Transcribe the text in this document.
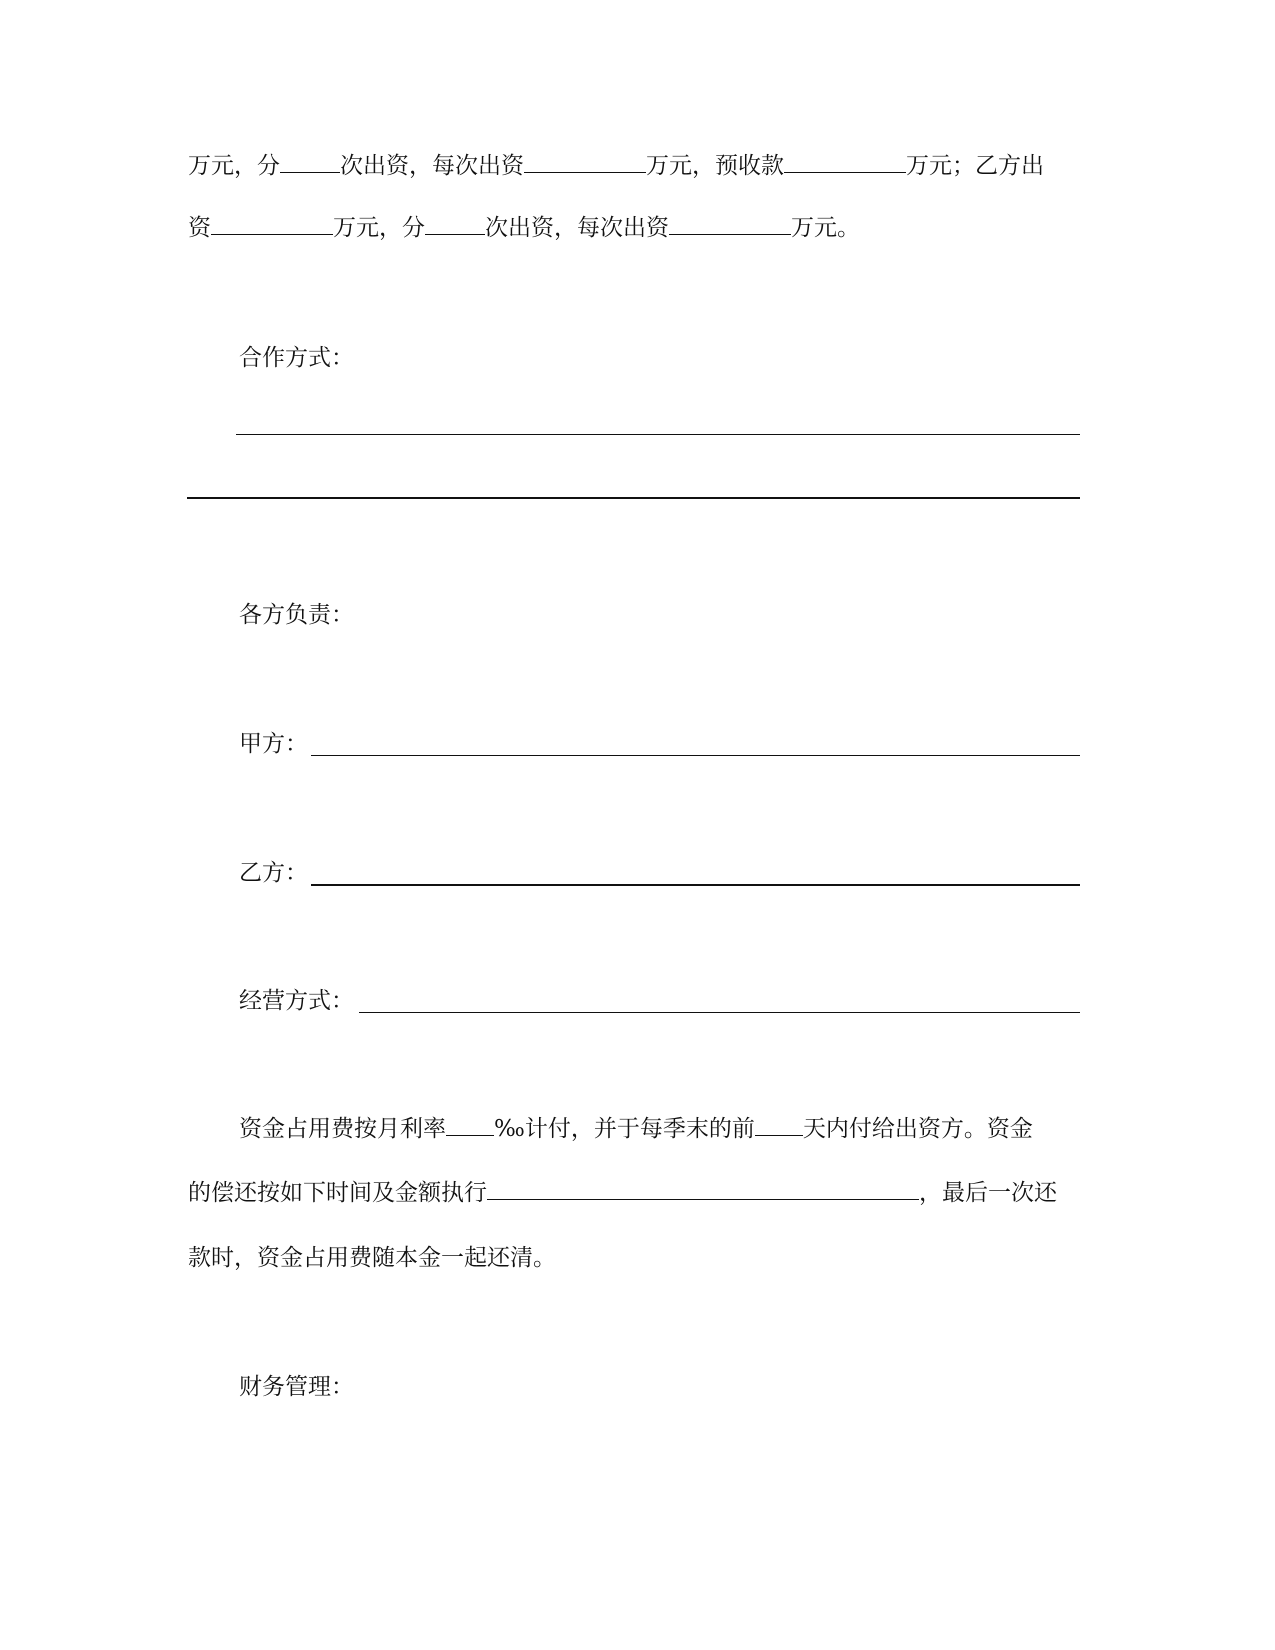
万元，分	次出资，每次出资	万元，预收款	万元；乙方出
资	万元，分	次出资，每次出资	万元。
合作方式：
各方负责：
甲方：
乙方：
经营方式：
资金占用费按月利率 ‰计付，并于每季末的前 天内付给出资方。资金
的偿还按如下时间及金额执行	，最后一次还
款时，资金占用费随本金一起还清。
财务管理：
